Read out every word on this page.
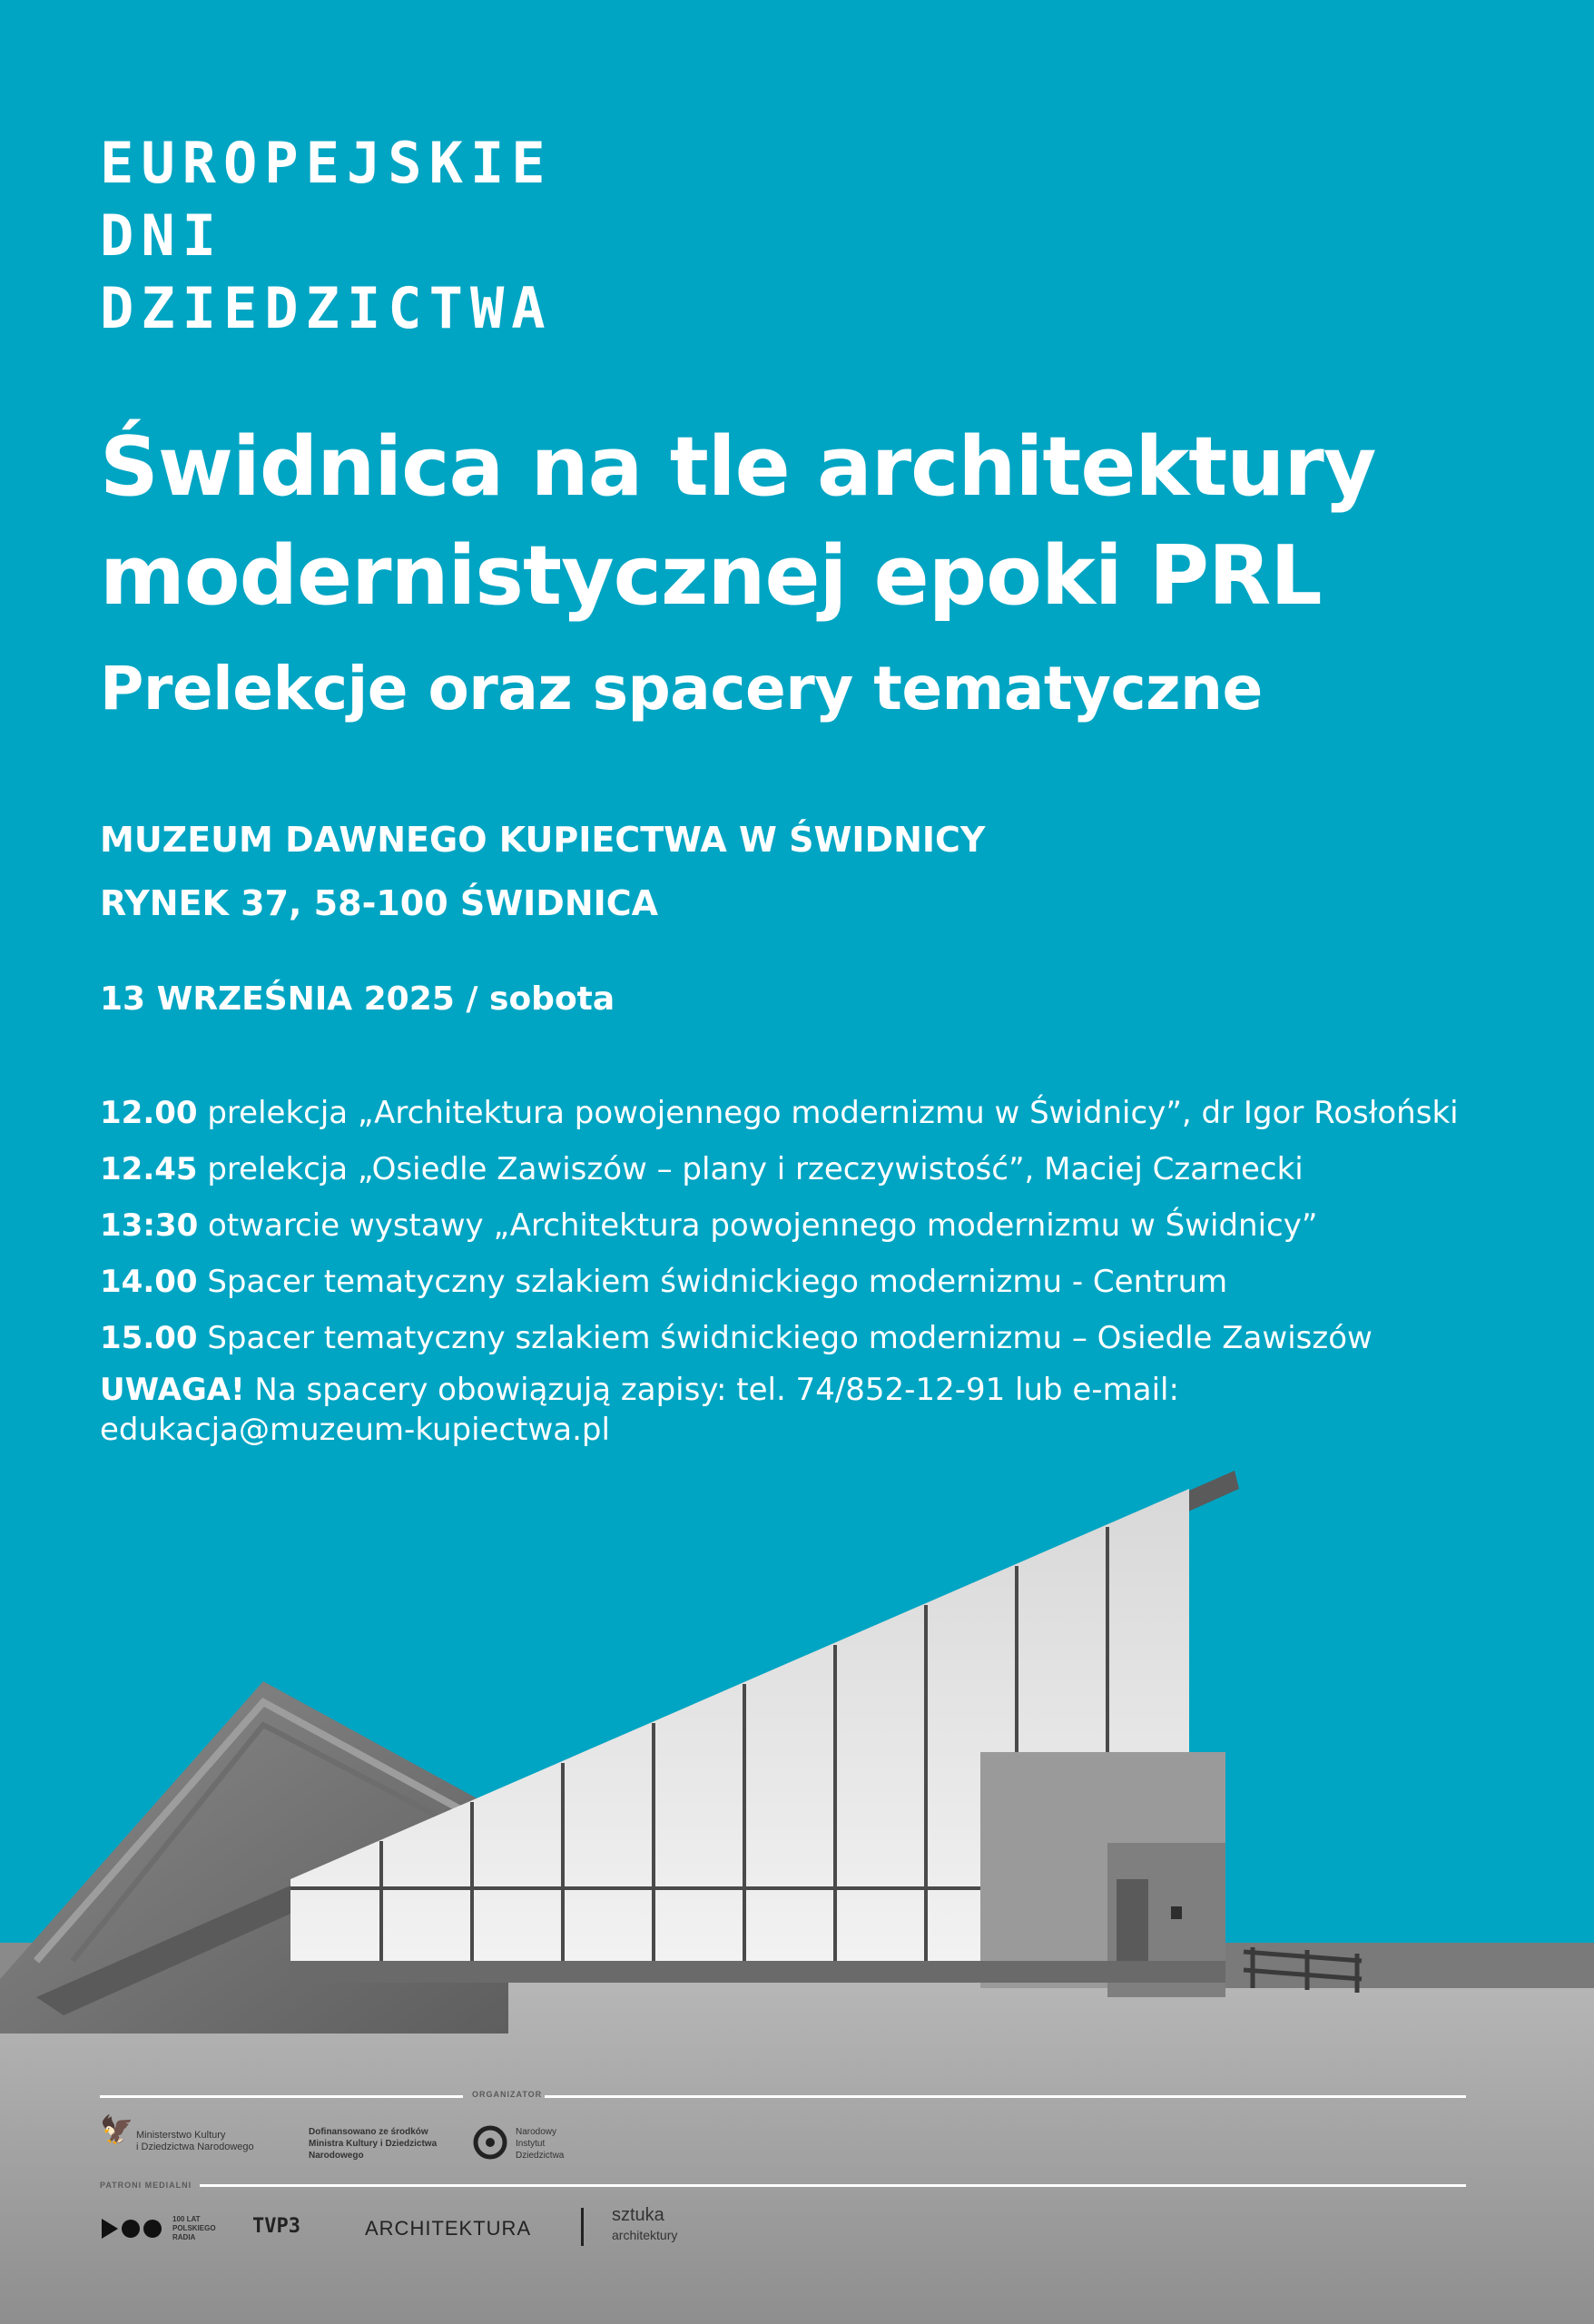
EUROPEJSKIE
DNI
DZIEDZICTWA
Świdnica na tle architektury
modernistycznej epoki PRL
Prelekcje oraz spacery tematyczne
MUZEUM DAWNEGO KUPIECTWA W ŚWIDNICY
RYNEK 37, 58-100 ŚWIDNICA
13 WRZEŚNIA 2025 / sobota
12.00 prelekcja „Architektura powojennego modernizmu w Świdnicy”, dr Igor Rosłoński
12.45 prelekcja „Osiedle Zawiszów – plany i rzeczywistość”, Maciej Czarnecki
13:30 otwarcie wystawy „Architektura powojennego modernizmu w Świdnicy”
14.00 Spacer tematyczny szlakiem świdnickiego modernizmu - Centrum
15.00 Spacer tematyczny szlakiem świdnickiego modernizmu – Osiedle Zawiszów
UWAGA! Na spacery obowiązują zapisy: tel. 74/852-12-91 lub e-mail:
edukacja@muzeum-kupiectwa.pl
ORGANIZATOR
🦅 Ministerstwo Kultury
i Dziedzictwa Narodowego
Dofinansowano ze środków
Ministra Kultury i Dziedzictwa
Narodowego
Narodowy
Instytut
Dziedzictwa
PATRONI MEDIALNI
100 LAT
POLSKIEGO
RADIA	TVP3	ARCHITEKTURA
sztuka
architektury
